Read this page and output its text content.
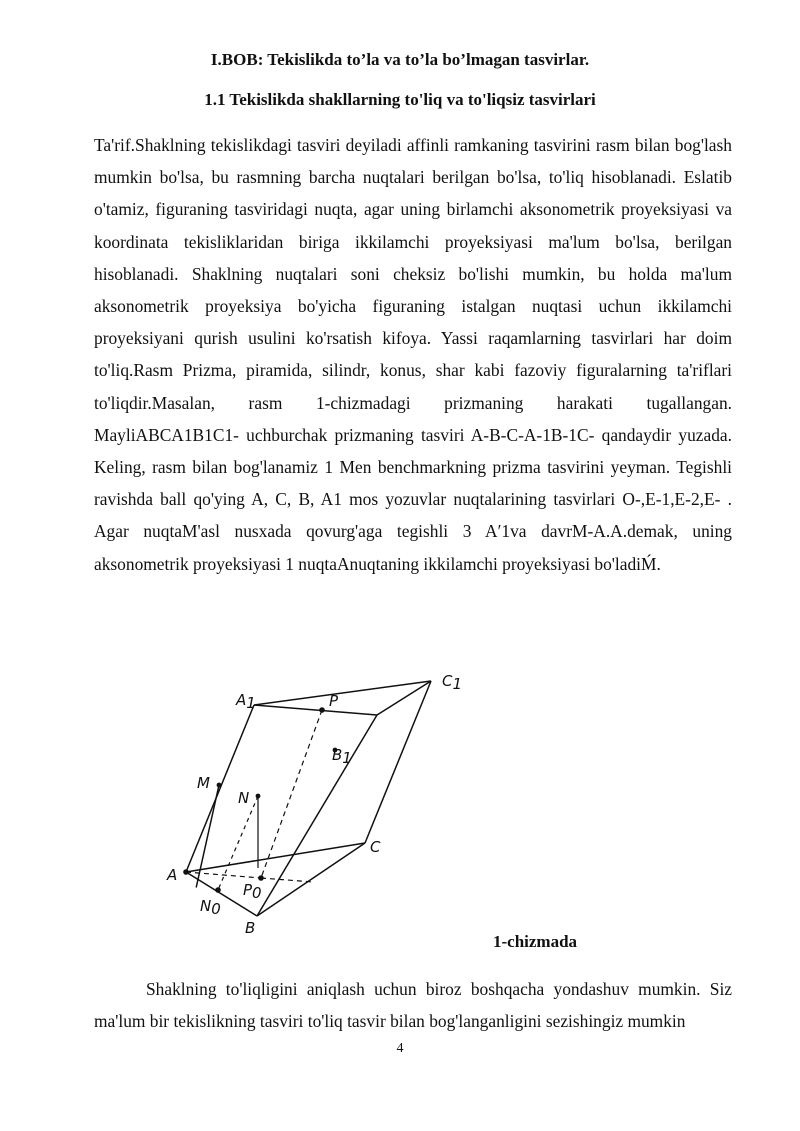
I.BOB: Tekislikda to’la va to’la bo’lmagan tasvirlar.
1.1 Tekislikda shakllarning to'liq va to'liqsiz tasvirlari

Ta'rif.Shaklning tekislikdagi tasviri deyiladi affinli ramkaning tasvirini rasm bilan bog'lash mumkin bo'lsa, bu rasmning barcha nuqtalari berilgan bo'lsa, to'liq hisoblanadi. Eslatib o'tamiz, figuraning tasviridagi nuqta, agar uning birlamchi aksonometrik proyeksiyasi va koordinata tekisliklaridan biriga ikkilamchi proyeksiyasi ma'lum bo'lsa, berilgan hisoblanadi. Shaklning nuqtalari soni cheksiz bo'lishi mumkin, bu holda ma'lum aksonometrik proyeksiya bo'yicha figuraning istalgan nuqtasi uchun ikkilamchi proyeksiyani qurish usulini ko'rsatish kifoya. Yassi raqamlarning tasvirlari har doim to'liq.Rasm Prizma, piramida, silindr, konus, shar kabi fazoviy figuralarning ta'riflari to'liqdir.Masalan, rasm 1-chizmadagi prizmaning harakati tugallangan. MayliABCA1B1C1- uchburchak prizmaning tasviri A-B-C-A-1B-1C- qandaydir yuzada. Keling, rasm bilan bog'lanamiz 1 Men benchmarkning prizma tasvirini yeyman. Tegishli ravishda ball qo'ying A, C, B, A1 mos yozuvlar nuqtalarining tasvirlari O-,E-1,E-2,E- . Agar nuqtaM'asl nusxada qovurg'aga tegishli 3 A′1va davrM-A.A.demak, uning aksonometrik proyeksiyasi 1 nuqtaAnuqtaning ikkilamchi proyeksiyasi bo'ladiḾ.

A1	P
C1
B1
M
N
C
A
P0
N0
B
1-chizmada

Shaklning to'liqligini aniqlash uchun biroz boshqacha yondashuv mumkin. Siz ma'lum bir tekislikning tasviri to'liq tasvir bilan bog'langanligini sezishingiz mumkin

4
